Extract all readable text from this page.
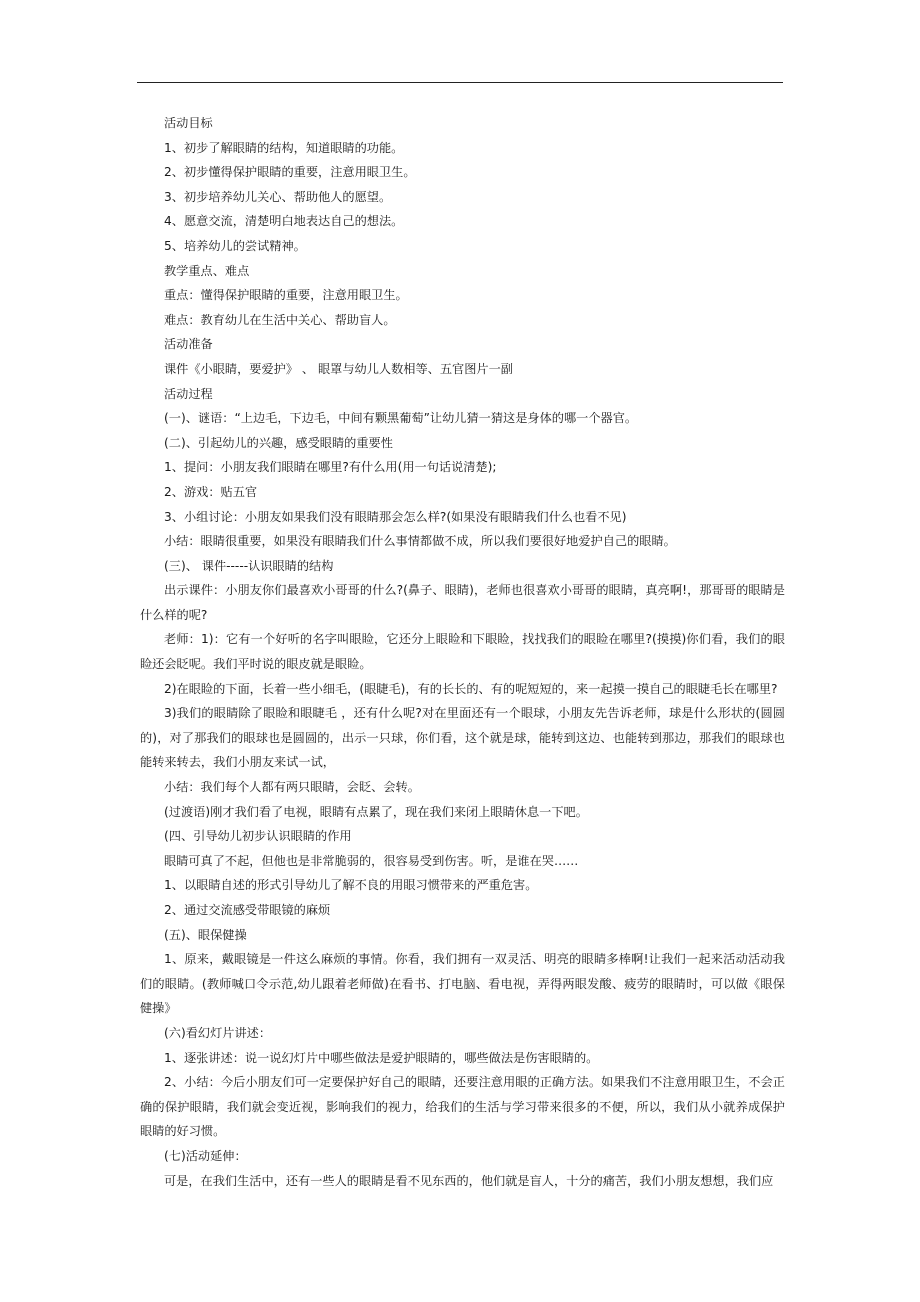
活动目标
1、初步了解眼睛的结构，知道眼睛的功能。
2、初步懂得保护眼睛的重要，注意用眼卫生。
3、初步培养幼儿关心、帮助他人的愿望。
4、愿意交流，清楚明白地表达自己的想法。
5、培养幼儿的尝试精神。
教学重点、难点
重点：懂得保护眼睛的重要，注意用眼卫生。
难点：教育幼儿在生活中关心、帮助盲人。
活动准备
课件《小眼睛，要爱护》 、 眼罩与幼儿人数相等、五官图片一副
活动过程
(一)、谜语：“上边毛，下边毛，中间有颗黑葡萄”让幼儿猜一猜这是身体的哪一个器官。
(二)、引起幼儿的兴趣，感受眼睛的重要性
1、提问：小朋友我们眼睛在哪里?有什么用(用一句话说清楚);
2、游戏：贴五官
3、小组讨论：小朋友如果我们没有眼睛那会怎么样?(如果没有眼睛我们什么也看不见)
小结：眼睛很重要，如果没有眼睛我们什么事情都做不成，所以我们要很好地爱护自己的眼睛。
(三)、 课件-----认识眼睛的结构
出示课件：小朋友你们最喜欢小哥哥的什么?(鼻子、眼睛)，老师也很喜欢小哥哥的眼睛，真亮啊!，那哥哥的眼睛是什么样的呢?
老师：1)：它有一个好听的名字叫眼睑，它还分上眼睑和下眼睑，找找我们的眼睑在哪里?(摸摸)你们看，我们的眼睑还会眨呢。我们平时说的眼皮就是眼睑。
2)在眼睑的下面，长着一些小细毛，(眼睫毛)，有的长长的、有的呢短短的，来一起摸一摸自己的眼睫毛长在哪里?
3)我们的眼睛除了眼睑和眼睫毛 ，还有什么呢?对在里面还有一个眼球，小朋友先告诉老师，球是什么形状的(圆圆的)，对了那我们的眼球也是圆圆的，出示一只球，你们看，这个就是球，能转到这边、也能转到那边，那我们的眼球也能转来转去，我们小朋友来试一试，
小结：我们每个人都有两只眼睛，会眨、会转。
(过渡语)刚才我们看了电视，眼睛有点累了，现在我们来闭上眼睛休息一下吧。
(四、引导幼儿初步认识眼睛的作用
眼睛可真了不起，但他也是非常脆弱的，很容易受到伤害。听，是谁在哭……
1、以眼睛自述的形式引导幼儿了解不良的用眼习惯带来的严重危害。
2、通过交流感受带眼镜的麻烦
(五)、眼保健操
1、原来，戴眼镜是一件这么麻烦的事情。你看，我们拥有一双灵活、明亮的眼睛多棒啊!让我们一起来活动活动我们的眼睛。(教师喊口令示范,幼儿跟着老师做)在看书、打电脑、看电视，弄得两眼发酸、疲劳的眼睛时，可以做《眼保健操》
(六)看幻灯片讲述：
1、逐张讲述：说一说幻灯片中哪些做法是爱护眼睛的，哪些做法是伤害眼睛的。
2、小结：今后小朋友们可一定要保护好自己的眼睛，还要注意用眼的正确方法。如果我们不注意用眼卫生，不会正确的保护眼睛，我们就会变近视，影响我们的视力，给我们的生活与学习带来很多的不便，所以，我们从小就养成保护眼睛的好习惯。
(七)活动延伸：
可是，在我们生活中，还有一些人的眼睛是看不见东西的，他们就是盲人，十分的痛苦，我们小朋友想想，我们应
